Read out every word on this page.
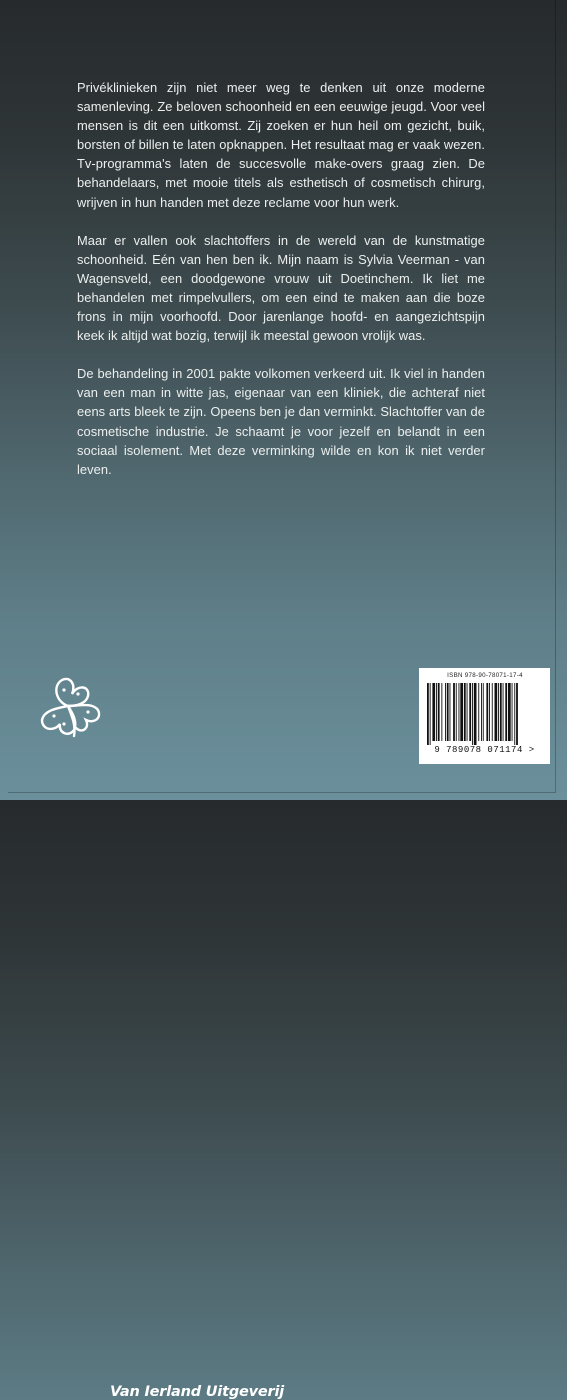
Privéklinieken zijn niet meer weg te denken uit onze moderne samenleving. Ze beloven schoonheid en een eeuwige jeugd. Voor veel mensen is dit een uitkomst. Zij zoeken er hun heil om gezicht, buik, borsten of billen te laten opknappen. Het resultaat mag er vaak wezen. Tv-programma's laten de succesvolle make-overs graag zien. De behandelaars, met mooie titels als esthetisch of cosmetisch chirurg, wrijven in hun handen met deze reclame voor hun werk.

Maar er vallen ook slachtoffers in de wereld van de kunstmatige schoonheid. Eén van hen ben ik. Mijn naam is Sylvia Veerman - van Wagensveld, een doodgewone vrouw uit Doetinchem. Ik liet me behandelen met rimpelvullers, om een eind te maken aan die boze frons in mijn voorhoofd. Door jarenlange hoofd- en aangezichtspijn keek ik altijd wat bozig, terwijl ik meestal gewoon vrolijk was.

De behandeling in 2001 pakte volkomen verkeerd uit. Ik viel in handen van een man in witte jas, eigenaar van een kliniek, die achteraf niet eens arts bleek te zijn. Opeens ben je dan verminkt. Slachtoffer van de cosmetische industrie. Je schaamt je voor jezelf en belandt in een sociaal isolement. Met deze verminking wilde en kon ik niet verder leven.

Van Ierland Uitgeverij
ISBN 978-90-78071-17-4
9 789078 071174 >
